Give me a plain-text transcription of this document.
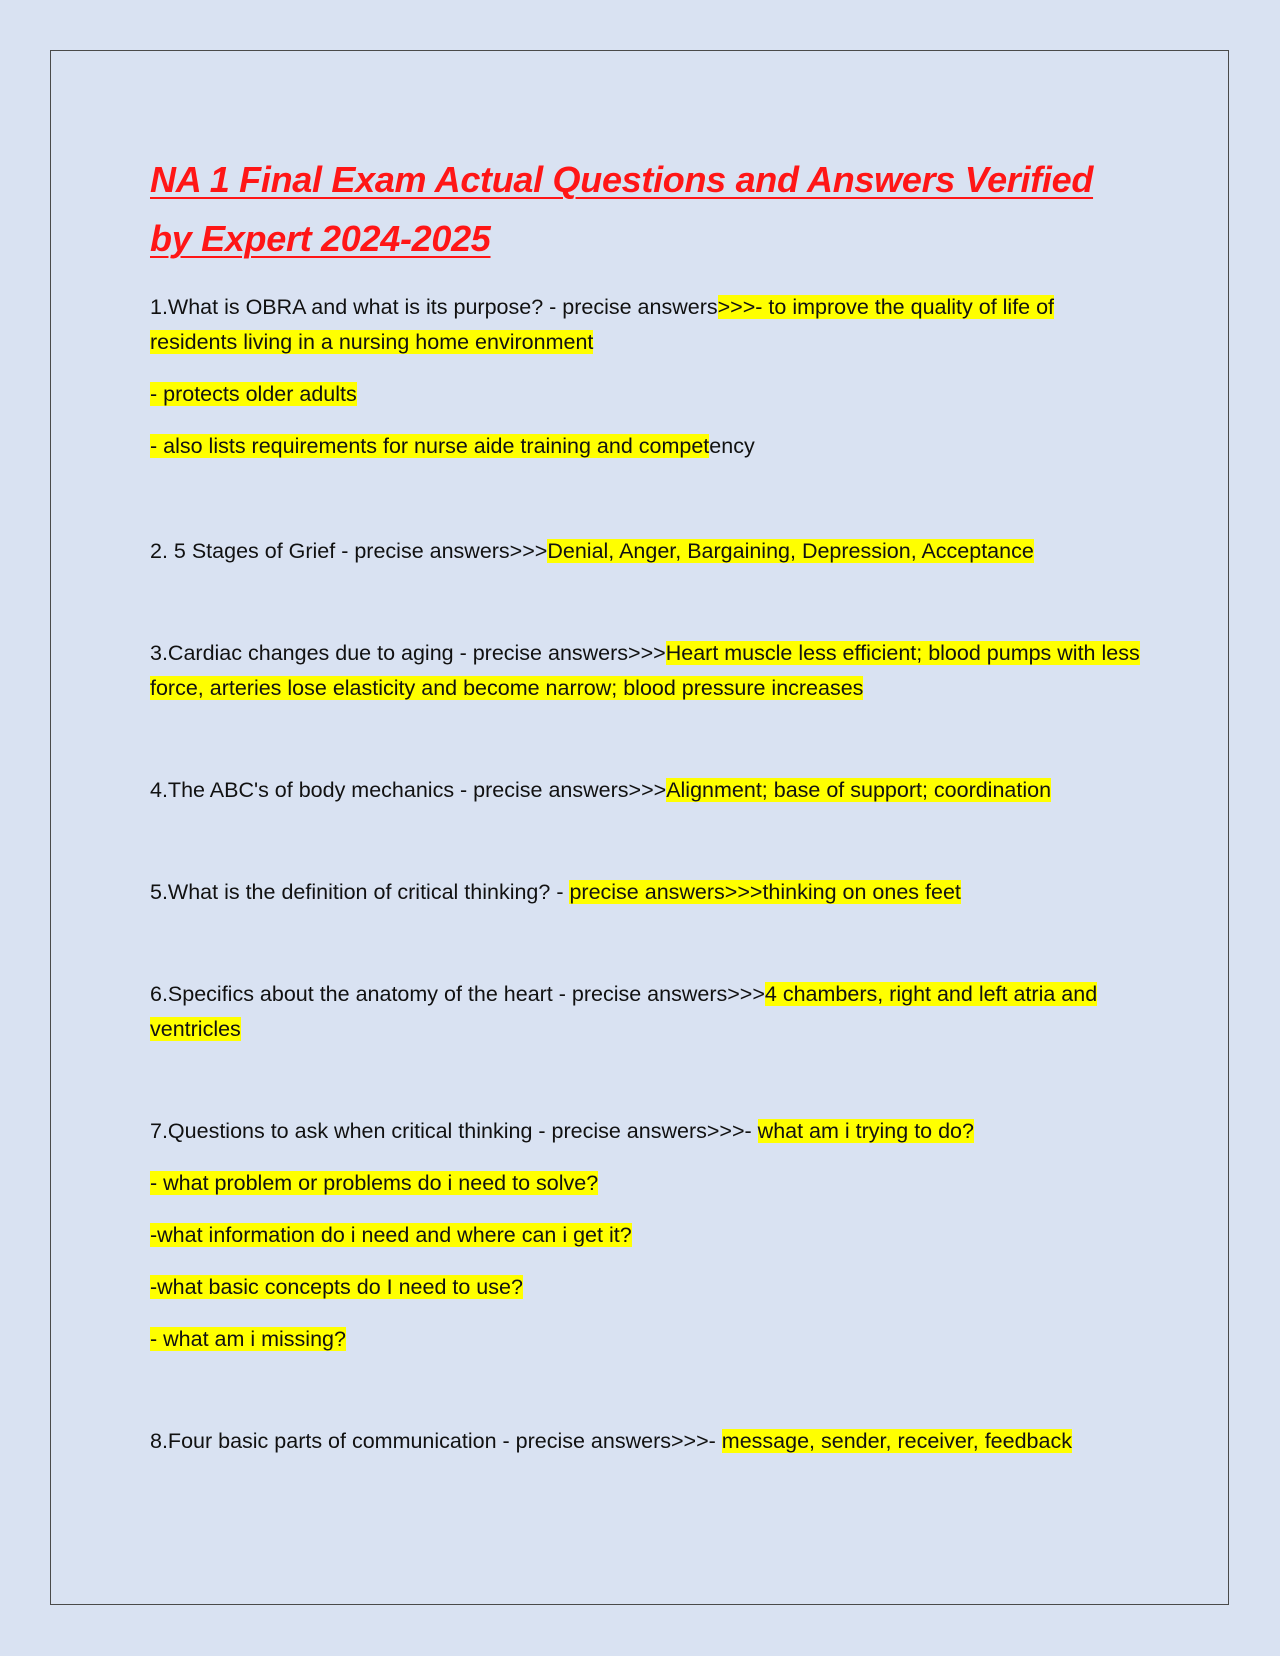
NA 1 Final Exam Actual Questions and Answers Verified by Expert 2024-2025

1.What is OBRA and what is its purpose? - precise answers>>>- to improve the quality of life of residents living in a nursing home environment

- protects older adults

- also lists requirements for nurse aide training and competency

2. 5 Stages of Grief - precise answers>>>Denial, Anger, Bargaining, Depression, Acceptance

3.Cardiac changes due to aging - precise answers>>>Heart muscle less efficient; blood pumps with less force, arteries lose elasticity and become narrow; blood pressure increases

4.The ABC's of body mechanics - precise answers>>>Alignment; base of support; coordination

5.What is the definition of critical thinking? - precise answers>>>thinking on ones feet

6.Specifics about the anatomy of the heart - precise answers>>>4 chambers, right and left atria and ventricles

7.Questions to ask when critical thinking - precise answers>>>- what am i trying to do?

- what problem or problems do i need to solve?

-what information do i need and where can i get it?

-what basic concepts do I need to use?

- what am i missing?

8.Four basic parts of communication - precise answers>>>- message, sender, receiver, feedback
